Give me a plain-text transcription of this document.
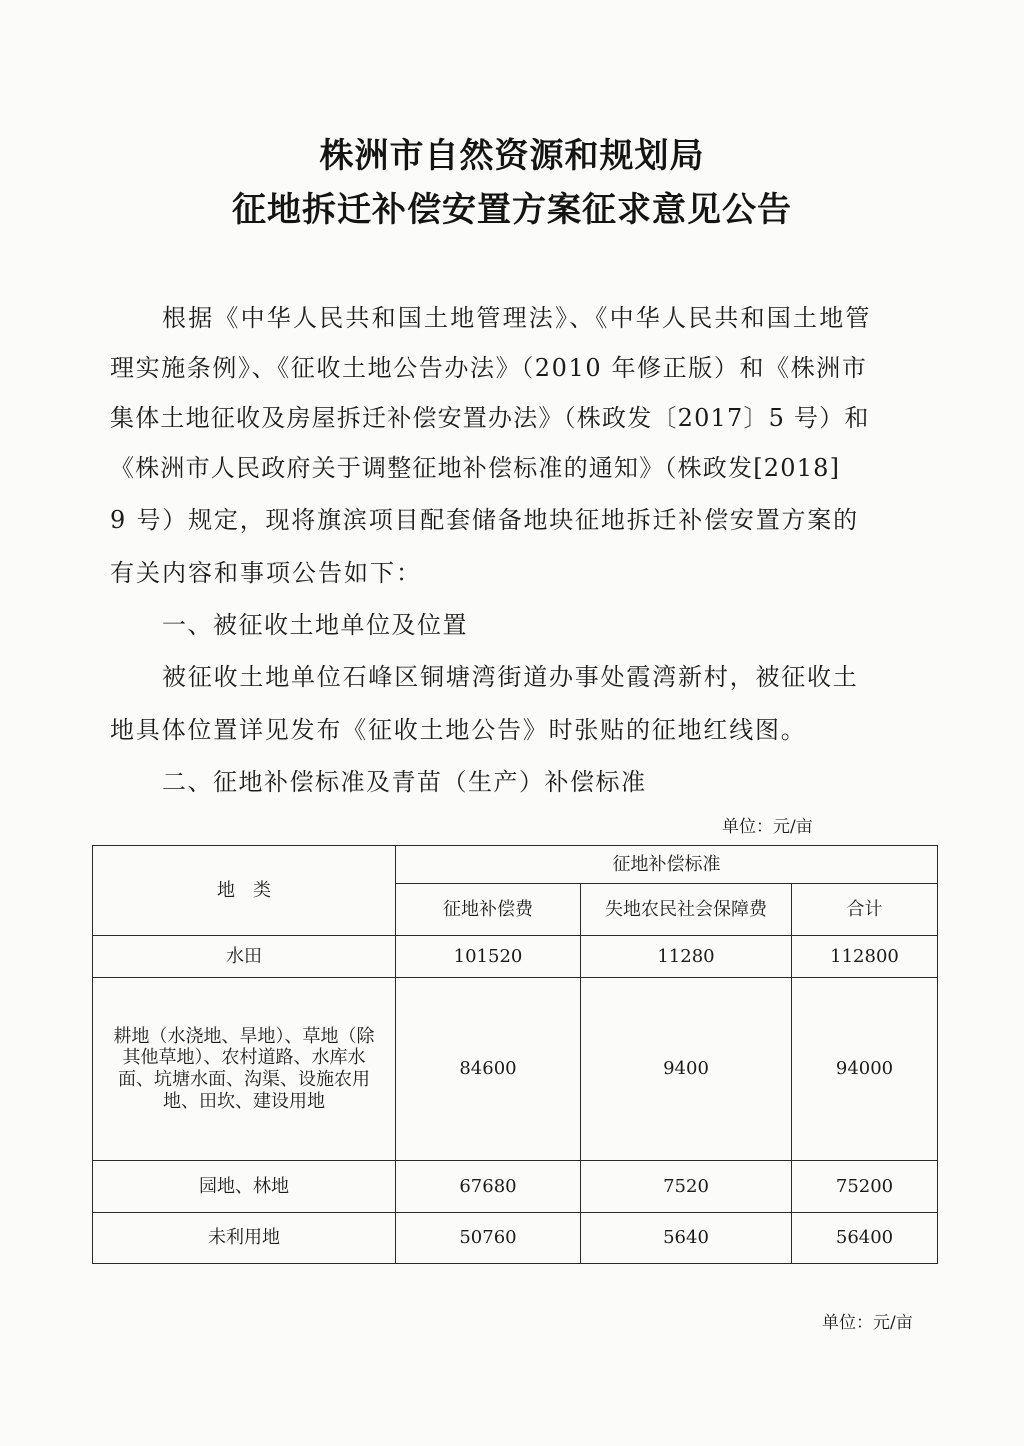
株洲市自然资源和规划局
征地拆迁补偿安置方案征求意见公告
根据《中华人民共和国土地管理法》、《中华人民共和国土地管
理实施条例》、《征收土地公告办法》（2010 年修正版）和《株洲市
集体土地征收及房屋拆迁补偿安置办法》（株政发〔2017〕5 号）和
《株洲市人民政府关于调整征地补偿标准的通知》（株政发[2018]
9 号）规定，现将旗滨项目配套储备地块征地拆迁补偿安置方案的
有关内容和事项公告如下：
一、被征收土地单位及位置
被征收土地单位石峰区铜塘湾街道办事处霞湾新村，被征收土
地具体位置详见发布《征收土地公告》时张贴的征地红线图。
二、征地补偿标准及青苗（生产）补偿标准
单位：元/亩
地　类	征地补偿标准		
	征地补偿费	失地农民社会保障费	合计
水田	101520	11280	112800

耕地（水浇地、旱地）、草地（除
其他草地）、农村道路、水库水
面、坑塘水面、沟渠、设施农用
地、田坎、建设用地	84600	9400	94000
园地、林地	67680	7520	75200
未利用地	50760	5640	56400
单位：元/亩
